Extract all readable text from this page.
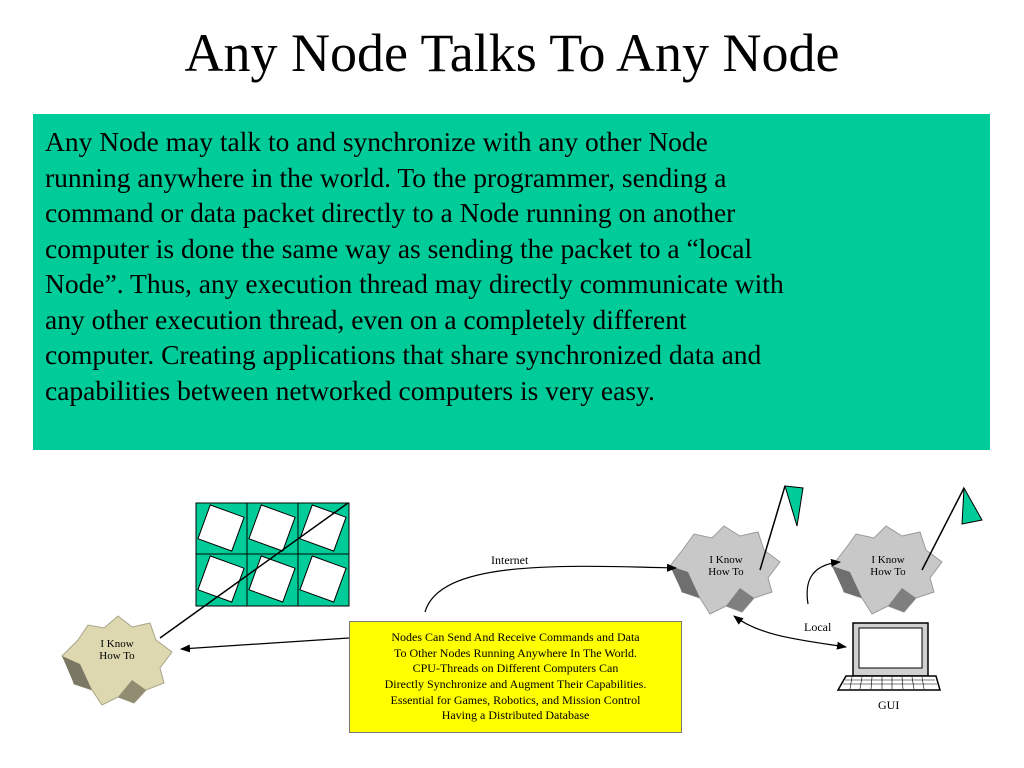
Any Node Talks To Any Node
Any Node may talk to and synchronize with any other Node
running anywhere in the world. To the programmer, sending a
command or data packet directly to a Node running on another
computer is done the same way as sending the packet to a “local
Node”. Thus, any execution thread may directly communicate with
any other execution thread, even on a completely different
computer. Creating applications that share synchronized data and
capabilities between networked computers is very easy.
Internet
Local
GUI
I Know
How To
I Know
How To
I Know
How To
Nodes Can Send And Receive Commands and Data
To Other Nodes Running Anywhere In The World.
CPU-Threads on Different Computers Can
Directly Synchronize and Augment Their Capabilities.
Essential for Games, Robotics, and Mission Control
Having a Distributed Database
